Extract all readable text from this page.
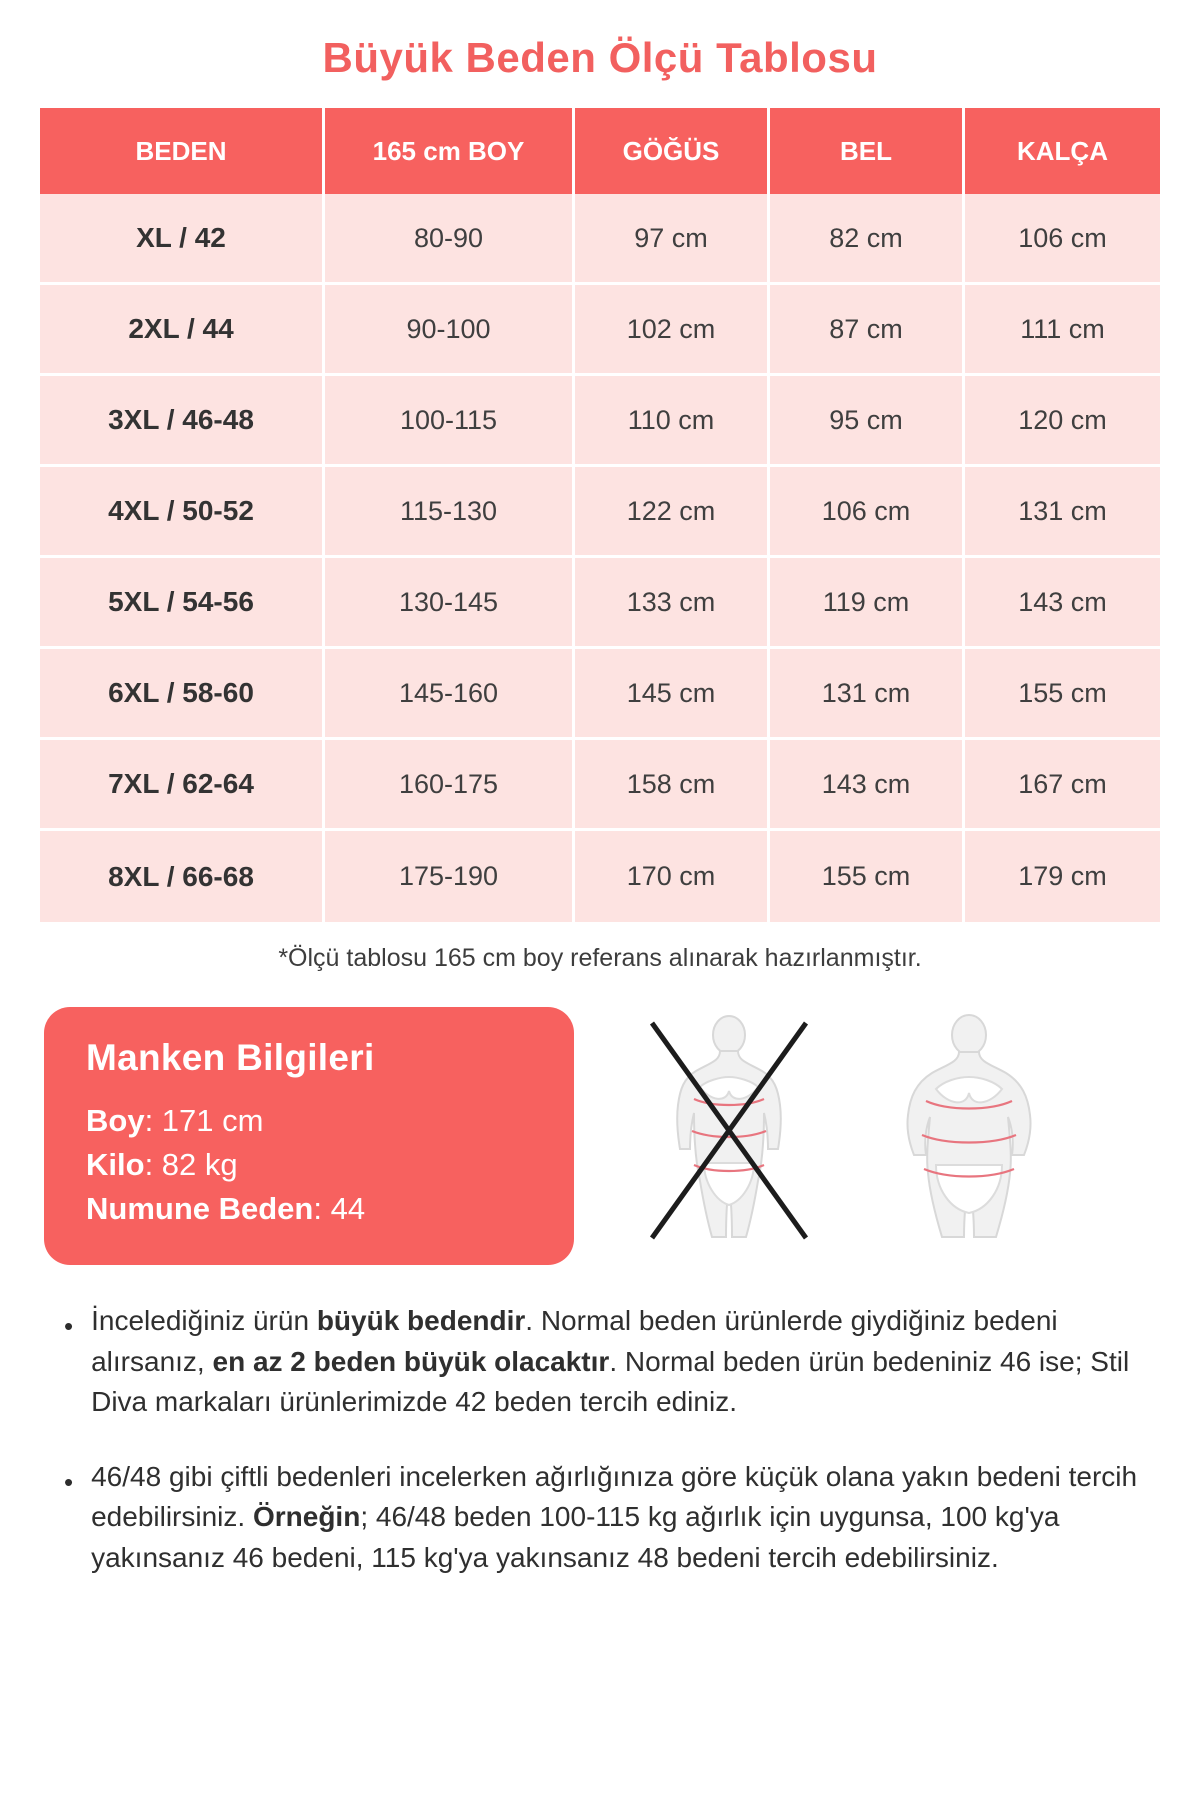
Büyük Beden Ölçü Tablosu
BEDEN	165 cm BOY	GÖĞÜS	BEL	KALÇA
XL / 42	80-90	97 cm	82 cm	106 cm
2XL / 44	90-100	102 cm	87 cm	111 cm
3XL / 46-48	100-115	110 cm	95 cm	120 cm
4XL / 50-52	115-130	122 cm	106 cm	131 cm
5XL / 54-56	130-145	133 cm	119 cm	143 cm
6XL / 58-60	145-160	145 cm	131 cm	155 cm
7XL / 62-64	160-175	158 cm	143 cm	167 cm
8XL / 66-68	175-190	170 cm	155 cm	179 cm
*Ölçü tablosu 165 cm boy referans alınarak hazırlanmıştır.
Manken Bilgileri
Boy: 171 cm
Kilo: 82 kg
Numune Beden: 44
• İncelediğiniz ürün büyük bedendir. Normal beden ürünlerde giydiğiniz bedeni alırsanız, en az 2 beden büyük olacaktır. Normal beden ürün bedeniniz 46 ise; Stil Diva markaları ürünlerimizde 42 beden tercih ediniz.
• 46/48 gibi çiftli bedenleri incelerken ağırlığınıza göre küçük olana yakın bedeni tercih edebilirsiniz. Örneğin; 46/48 beden 100-115 kg ağırlık için uygunsa, 100 kg'ya yakınsanız 46 bedeni, 115 kg'ya yakınsanız 48 bedeni tercih edebilirsiniz.
